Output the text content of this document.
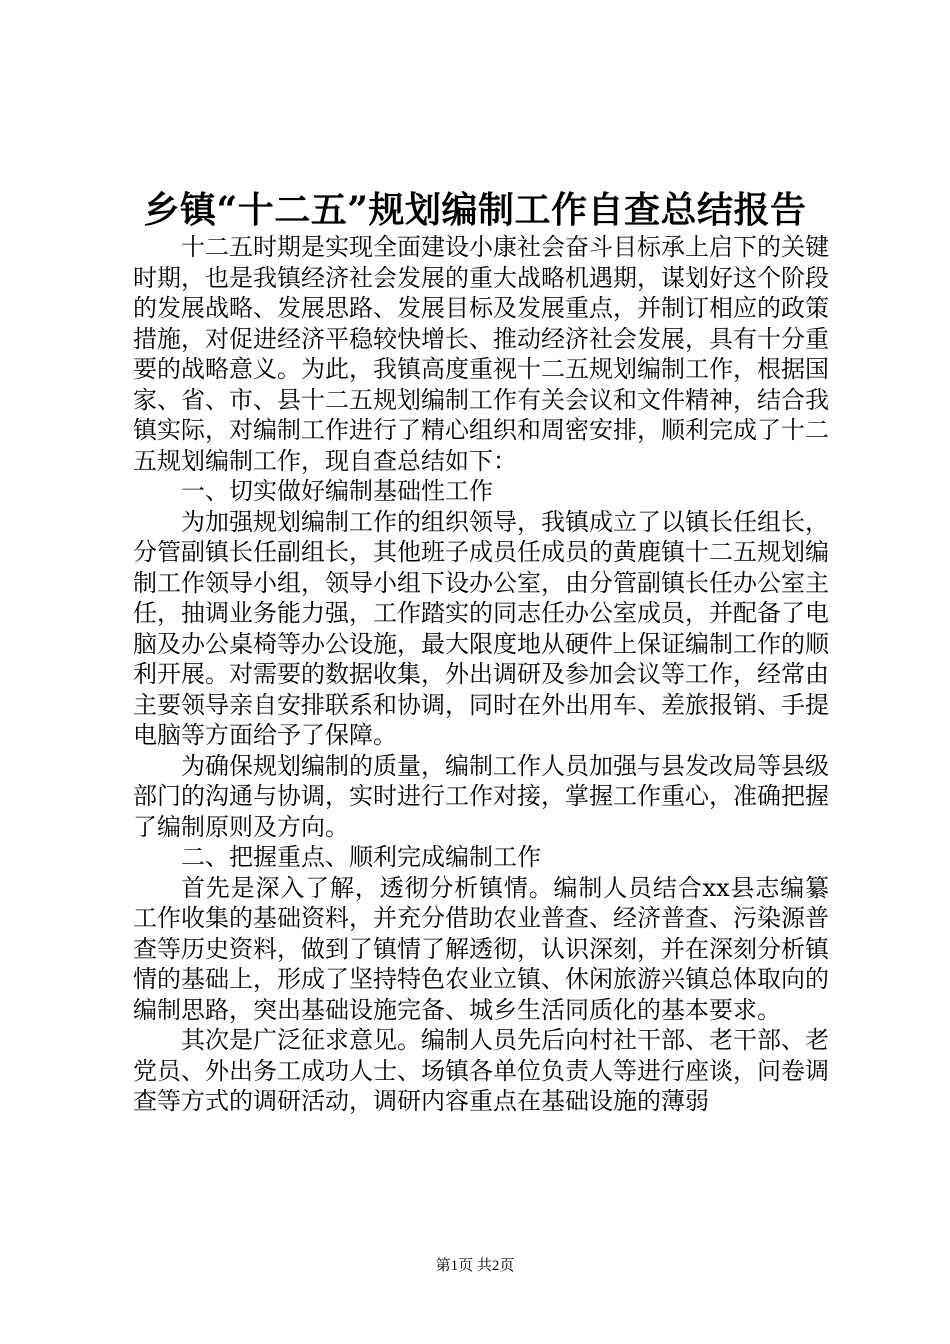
乡镇“十二五”规划编制工作自查总结报告

十二五时期是实现全面建设小康社会奋斗目标承上启下的关键时期，也是我镇经济社会发展的重大战略机遇期，谋划好这个阶段的发展战略、发展思路、发展目标及发展重点，并制订相应的政策措施，对促进经济平稳较快增长、推动经济社会发展，具有十分重要的战略意义。为此，我镇高度重视十二五规划编制工作，根据国家、省、市、县十二五规划编制工作有关会议和文件精神，结合我镇实际，对编制工作进行了精心组织和周密安排，顺利完成了十二五规划编制工作，现自查总结如下：

一、切实做好编制基础性工作

为加强规划编制工作的组织领导，我镇成立了以镇长任组长，分管副镇长任副组长，其他班子成员任成员的黄鹿镇十二五规划编制工作领导小组，领导小组下设办公室，由分管副镇长任办公室主任，抽调业务能力强，工作踏实的同志任办公室成员，并配备了电脑及办公桌椅等办公设施，最大限度地从硬件上保证编制工作的顺利开展。对需要的数据收集，外出调研及参加会议等工作，经常由主要领导亲自安排联系和协调，同时在外出用车、差旅报销、手提电脑等方面给予了保障。

为确保规划编制的质量，编制工作人员加强与县发改局等县级部门的沟通与协调，实时进行工作对接，掌握工作重心，准确把握了编制原则及方向。

二、把握重点、顺利完成编制工作

首先是深入了解，透彻分析镇情。编制人员结合xx县志编纂工作收集的基础资料，并充分借助农业普查、经济普查、污染源普查等历史资料，做到了镇情了解透彻，认识深刻，并在深刻分析镇情的基础上，形成了坚持特色农业立镇、休闲旅游兴镇总体取向的编制思路，突出基础设施完备、城乡生活同质化的基本要求。

其次是广泛征求意见。编制人员先后向村社干部、老干部、老党员、外出务工成功人士、场镇各单位负责人等进行座谈，问卷调查等方式的调研活动，调研内容重点在基础设施的薄弱

第1页 共2页
